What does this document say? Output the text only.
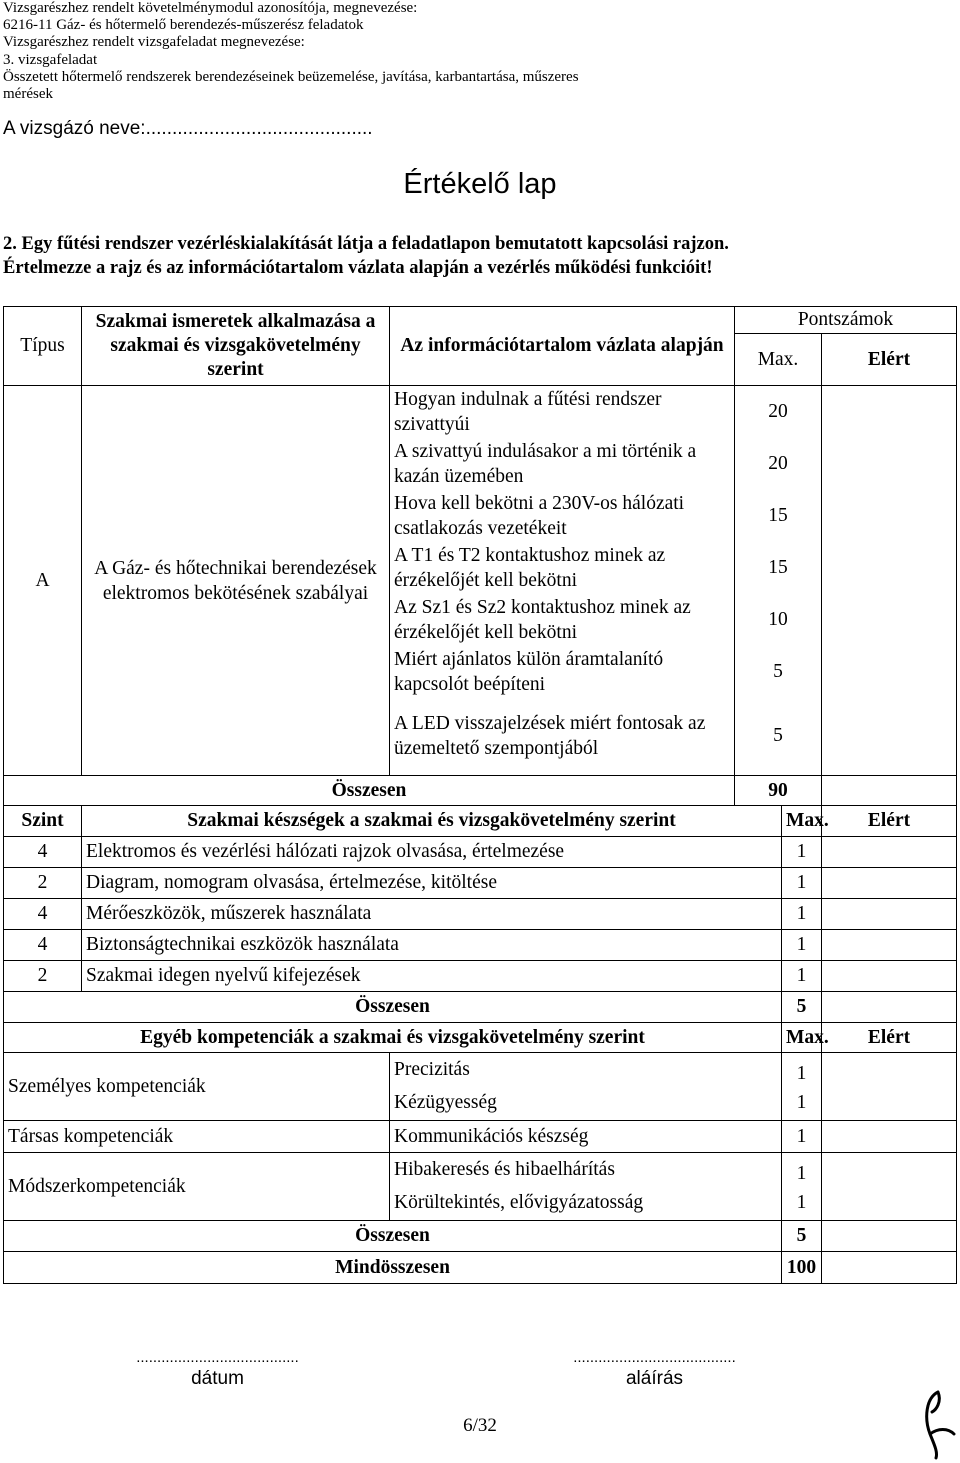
Vizsgarészhez rendelt követelménymodul azonosítója, megnevezése:
6216-11 Gáz- és hőtermelő berendezés-műszerész feladatok
Vizsgarészhez rendelt vizsgafeladat megnevezése:
3. vizsgafeladat
Összetett hőtermelő rendszerek berendezéseinek beüzemelése, javítása, karbantartása, műszeres
mérések
A vizsgázó neve:...........................................
Értékelő lap
2. Egy fűtési rendszer vezérléskialakítását látja a feladatlapon bemutatott kapcsolási rajzon.
Értelmezze a rajz és az információtartalom vázlata alapján a vezérlés működési funkcióit!
Típus	Szakmai ismeretek alkalmazása a szakmai és vizsgakövetelmény szerint	Az információtartalom vázlata alapján	Pontszámok		
			Max.		Elért
A	A Gáz- és hőtechnikai berendezések elektromos bekötésének szabályai	Hogyan indulnak a fűtési rendszer szivattyúi	20		
		A szivattyú indulásakor a mi történik a kazán üzemében	20		
		Hova kell bekötni a 230V-os hálózati csatlakozás vezetékeit	15		
		A T1 és T2 kontaktushoz minek az érzékelőjét kell bekötni	15		
		Az Sz1 és Sz2 kontaktushoz minek az érzékelőjét kell bekötni	10		
		Miért ajánlatos külön áramtalanító kapcsolót beépíteni	5		
		A LED visszajelzések miért fontosak az üzemeltető szempontjából	5		
Összesen			90		
Szint	Szakmai készségek a szakmai és vizsgakövetelmény szerint			Max.	Elért
4	Elektromos és vezérlési hálózati rajzok olvasása, értelmezése			1	
2	Diagram, nomogram olvasása, értelmezése, kitöltése			1	
4	Mérőeszközök, műszerek használata			1	
4	Biztonságtechnikai eszközök használata			1	
2	Szakmai idegen nyelvű kifejezések			1	
Összesen				5	
Egyéb kompetenciák a szakmai és vizsgakövetelmény szerint				Max.	Elért
Személyes kompetenciák		Precizitás		1	
		Kézügyesség		1	
Társas kompetenciák		Kommunikációs készség		1	
Módszerkompetenciák		Hibakeresés és hibaelhárítás		1	
		Körültekintés, elővigyázatosság		1	
Összesen				5	
Mindösszesen				100	
.......................................
dátum
.......................................
aláírás
6/32
